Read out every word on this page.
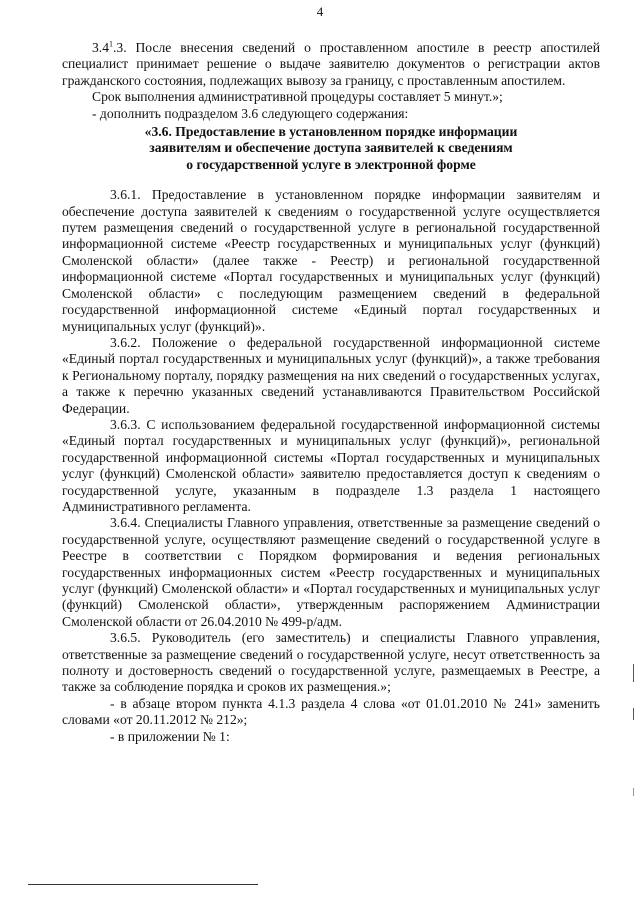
4

$3.4^1.3$. После внесения сведений о проставленном апостиле в реестр апостилей специалист принимает решение о выдаче заявителю документов о регистрации актов гражданского состояния, подлежащих вывозу за границу, с проставленным апостилем.

Срок выполнения административной процедуры составляет 5 минут.»;

- дополнить подразделом 3.6 следующего содержания:

«3.6. Предоставление в установленном порядке информации
заявителям и обеспечение доступа заявителей к сведениям
о государственной услуге в электронной форме

3.6.1. Предоставление в установленном порядке информации заявителям и обеспечение доступа заявителей к сведениям о государственной услуге осуществляется путем размещения сведений о государственной услуге в региональной государственной информационной системе «Реестр государственных и муниципальных услуг (функций) Смоленской области» (далее также - Реестр) и региональной государственной информационной системе «Портал государственных и муниципальных услуг (функций) Смоленской области» с последующим размещением сведений в федеральной государственной информационной системе «Единый портал государственных и муниципальных услуг (функций)».

3.6.2. Положение о федеральной государственной информационной системе «Единый портал государственных и муниципальных услуг (функций)», а также требования к Региональному порталу, порядку размещения на них сведений о государственных услугах, а также к перечню указанных сведений устанавливаются Правительством Российской Федерации.

3.6.3. С использованием федеральной государственной информационной системы «Единый портал государственных и муниципальных услуг (функций)», региональной государственной информационной системы «Портал государственных и муниципальных услуг (функций) Смоленской области» заявителю предоставляется доступ к сведениям о государственной услуге, указанным в подразделе 1.3 раздела 1 настоящего Административного регламента.

3.6.4. Специалисты Главного управления, ответственные за размещение сведений о государственной услуге, осуществляют размещение сведений о государственной услуге в Реестре в соответствии с Порядком формирования и ведения региональных государственных информационных систем «Реестр государственных и муниципальных услуг (функций) Смоленской области» и «Портал государственных и муниципальных услуг (функций) Смоленской области», утвержденным распоряжением Администрации Смоленской области от 26.04.2010 № 499-р/адм.

3.6.5. Руководитель (его заместитель) и специалисты Главного управления, ответственные за размещение сведений о государственной услуге, несут ответственность за полноту и достоверность сведений о государственной услуге, размещаемых в Реестре, а также за соблюдение порядка и сроков их размещения.»;

- в абзаце втором пункта 4.1.3 раздела 4 слова «от 01.01.2010 № 241» заменить словами «от 20.11.2012 № 212»;

- в приложении № 1:
